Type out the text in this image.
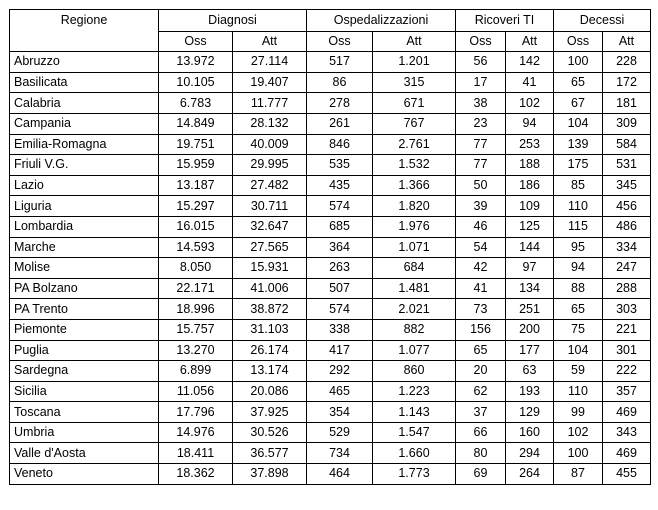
Regione	Diagnosi		Ospedalizzazioni		Ricoveri TI		Decessi	
	Oss	Att	Oss	Att	Oss	Att	Oss	Att
Abruzzo	13.972	27.114	517	1.201	56	142	100	228
Basilicata	10.105	19.407	86	315	17	41	65	172
Calabria	6.783	11.777	278	671	38	102	67	181
Campania	14.849	28.132	261	767	23	94	104	309
Emilia-Romagna	19.751	40.009	846	2.761	77	253	139	584
Friuli V.G.	15.959	29.995	535	1.532	77	188	175	531
Lazio	13.187	27.482	435	1.366	50	186	85	345
Liguria	15.297	30.711	574	1.820	39	109	110	456
Lombardia	16.015	32.647	685	1.976	46	125	115	486
Marche	14.593	27.565	364	1.071	54	144	95	334
Molise	8.050	15.931	263	684	42	97	94	247
PA Bolzano	22.171	41.006	507	1.481	41	134	88	288
PA Trento	18.996	38.872	574	2.021	73	251	65	303
Piemonte	15.757	31.103	338	882	156	200	75	221
Puglia	13.270	26.174	417	1.077	65	177	104	301
Sardegna	6.899	13.174	292	860	20	63	59	222
Sicilia	11.056	20.086	465	1.223	62	193	110	357
Toscana	17.796	37.925	354	1.143	37	129	99	469
Umbria	14.976	30.526	529	1.547	66	160	102	343
Valle d'Aosta	18.411	36.577	734	1.660	80	294	100	469
Veneto	18.362	37.898	464	1.773	69	264	87	455
